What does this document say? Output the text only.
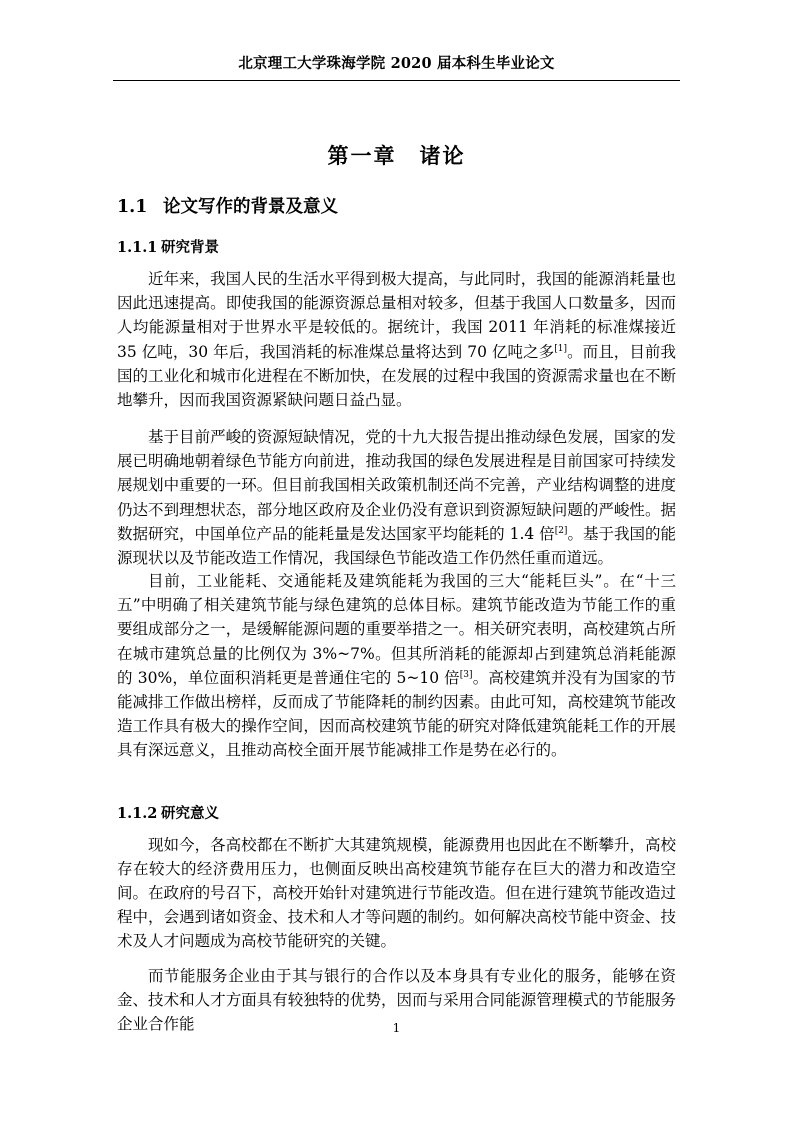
北京理工大学珠海学院 2020 届本科生毕业论文
第一章　诸论
1.1 论文写作的背景及意义
1.1.1 研究背景

近年来，我国人民的生活水平得到极大提高，与此同时，我国的能源消耗量也因此迅速提高。即使我国的能源资源总量相对较多，但基于我国人口数量多，因而人均能源量相对于世界水平是较低的。据统计，我国 2011 年消耗的标准煤接近 35 亿吨，30 年后，我国消耗的标准煤总量将达到 70 亿吨之多[1]。而且，目前我国的工业化和城市化进程在不断加快，在发展的过程中我国的资源需求量也在不断地攀升，因而我国资源紧缺问题日益凸显。

基于目前严峻的资源短缺情况，党的十九大报告提出推动绿色发展，国家的发展已明确地朝着绿色节能方向前进，推动我国的绿色发展进程是目前国家可持续发展规划中重要的一环。但目前我国相关政策机制还尚不完善，产业结构调整的进度仍达不到理想状态，部分地区政府及企业仍没有意识到资源短缺问题的严峻性。据数据研究，中国单位产品的能耗量是发达国家平均能耗的 1.4 倍[2]。基于我国的能源现状以及节能改造工作情况，我国绿色节能改造工作仍然任重而道远。

目前，工业能耗、交通能耗及建筑能耗为我国的三大“能耗巨头”。在“十三五”中明确了相关建筑节能与绿色建筑的总体目标。建筑节能改造为节能工作的重要组成部分之一，是缓解能源问题的重要举措之一。相关研究表明，高校建筑占所在城市建筑总量的比例仅为 3%~7%。但其所消耗的能源却占到建筑总消耗能源的 30%，单位面积消耗更是普通住宅的 5~10 倍[3]。高校建筑并没有为国家的节能减排工作做出榜样，反而成了节能降耗的制约因素。由此可知，高校建筑节能改造工作具有极大的操作空间，因而高校建筑节能的研究对降低建筑能耗工作的开展具有深远意义，且推动高校全面开展节能减排工作是势在必行的。

1.1.2 研究意义

现如今，各高校都在不断扩大其建筑规模，能源费用也因此在不断攀升，高校存在较大的经济费用压力，也侧面反映出高校建筑节能存在巨大的潜力和改造空间。 在政府的号召下，高校开始针对建筑进行节能改造。但在进行建筑节能改造过程中，会遇到诸如资金、技术和人才等问题的制约。如何解决高校节能中资金、技术及人才问题成为高校节能研究的关键。

而节能服务企业由于其与银行的合作以及本身具有专业化的服务，能够在资金、技术和人才方面具有较独特的优势，因而与采用合同能源管理模式的节能服务企业合作能	1
